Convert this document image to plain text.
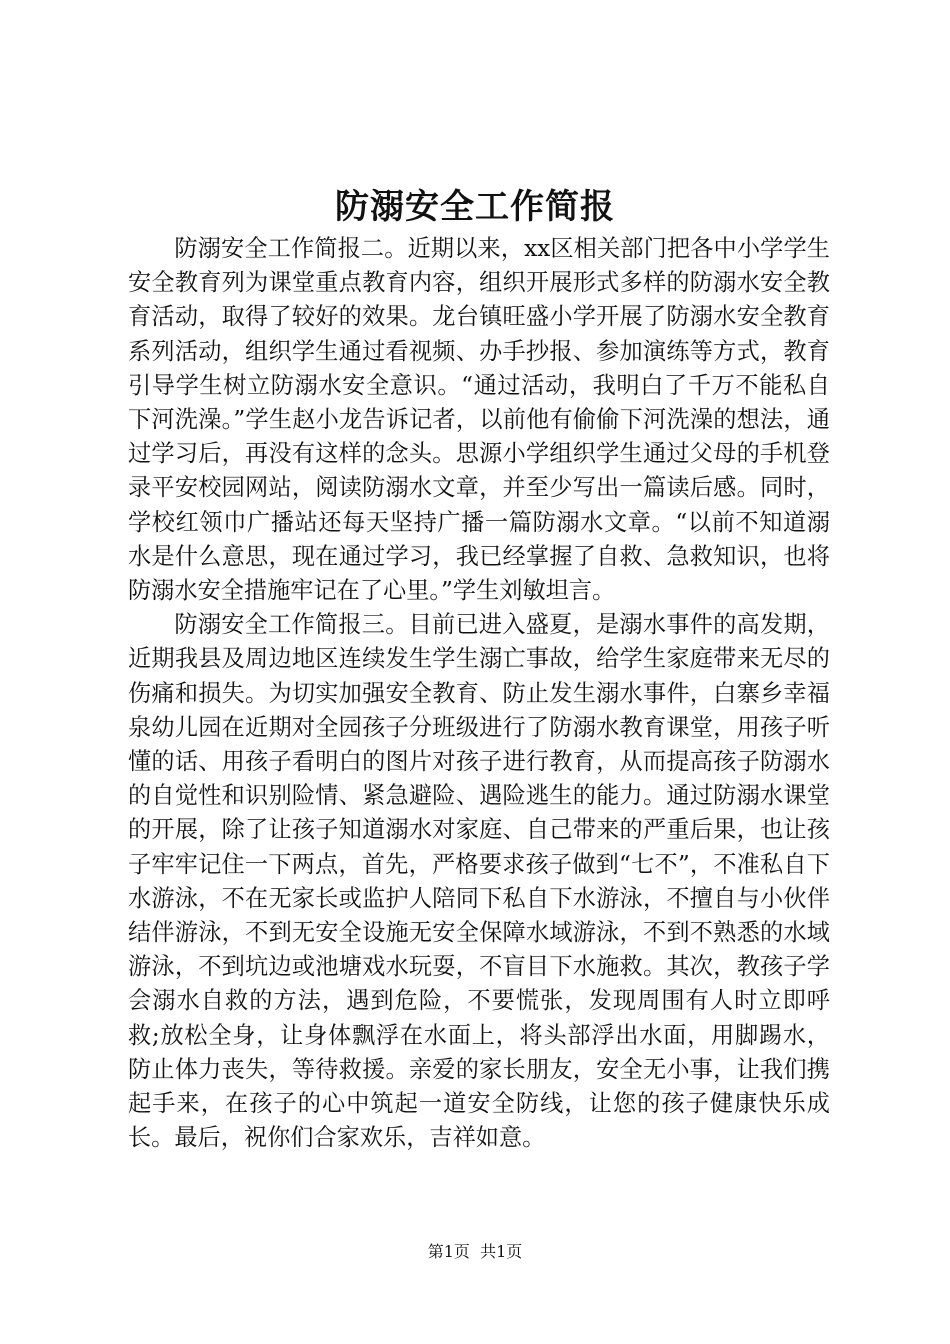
防溺安全工作简报

防溺安全工作简报二。近期以来，xx区相关部门把各中小学学生安全教育列为课堂重点教育内容，组织开展形式多样的防溺水安全教育活动，取得了较好的效果。龙台镇旺盛小学开展了防溺水安全教育系列活动，组织学生通过看视频、办手抄报、参加演练等方式，教育引导学生树立防溺水安全意识。“通过活动，我明白了千万不能私自下河洗澡。”学生赵小龙告诉记者，以前他有偷偷下河洗澡的想法，通过学习后，再没有这样的念头。思源小学组织学生通过父母的手机登录平安校园网站，阅读防溺水文章，并至少写出一篇读后感。同时，学校红领巾广播站还每天坚持广播一篇防溺水文章。“以前不知道溺水是什么意思，现在通过学习，我已经掌握了自救、急救知识，也将防溺水安全措施牢记在了心里。”学生刘敏坦言。

防溺安全工作简报三。目前已进入盛夏，是溺水事件的高发期，近期我县及周边地区连续发生学生溺亡事故，给学生家庭带来无尽的伤痛和损失。为切实加强安全教育、防止发生溺水事件，白寨乡幸福泉幼儿园在近期对全园孩子分班级进行了防溺水教育课堂，用孩子听懂的话、用孩子看明白的图片对孩子进行教育，从而提高孩子防溺水的自觉性和识别险情、紧急避险、遇险逃生的能力。通过防溺水课堂的开展，除了让孩子知道溺水对家庭、自己带来的严重后果，也让孩子牢牢记住一下两点，首先，严格要求孩子做到“七不”，不准私自下水游泳，不在无家长或监护人陪同下私自下水游泳，不擅自与小伙伴结伴游泳，不到无安全设施无安全保障水域游泳，不到不熟悉的水域游泳，不到坑边或池塘戏水玩耍，不盲目下水施救。其次，教孩子学会溺水自救的方法，遇到危险，不要慌张，发现周围有人时立即呼救;放松全身，让身体飘浮在水面上，将头部浮出水面，用脚踢水，防止体力丧失，等待救援。亲爱的家长朋友，安全无小事，让我们携起手来，在孩子的心中筑起一道安全防线，让您的孩子健康快乐成长。最后，祝你们合家欢乐，吉祥如意。

第1页 共1页
